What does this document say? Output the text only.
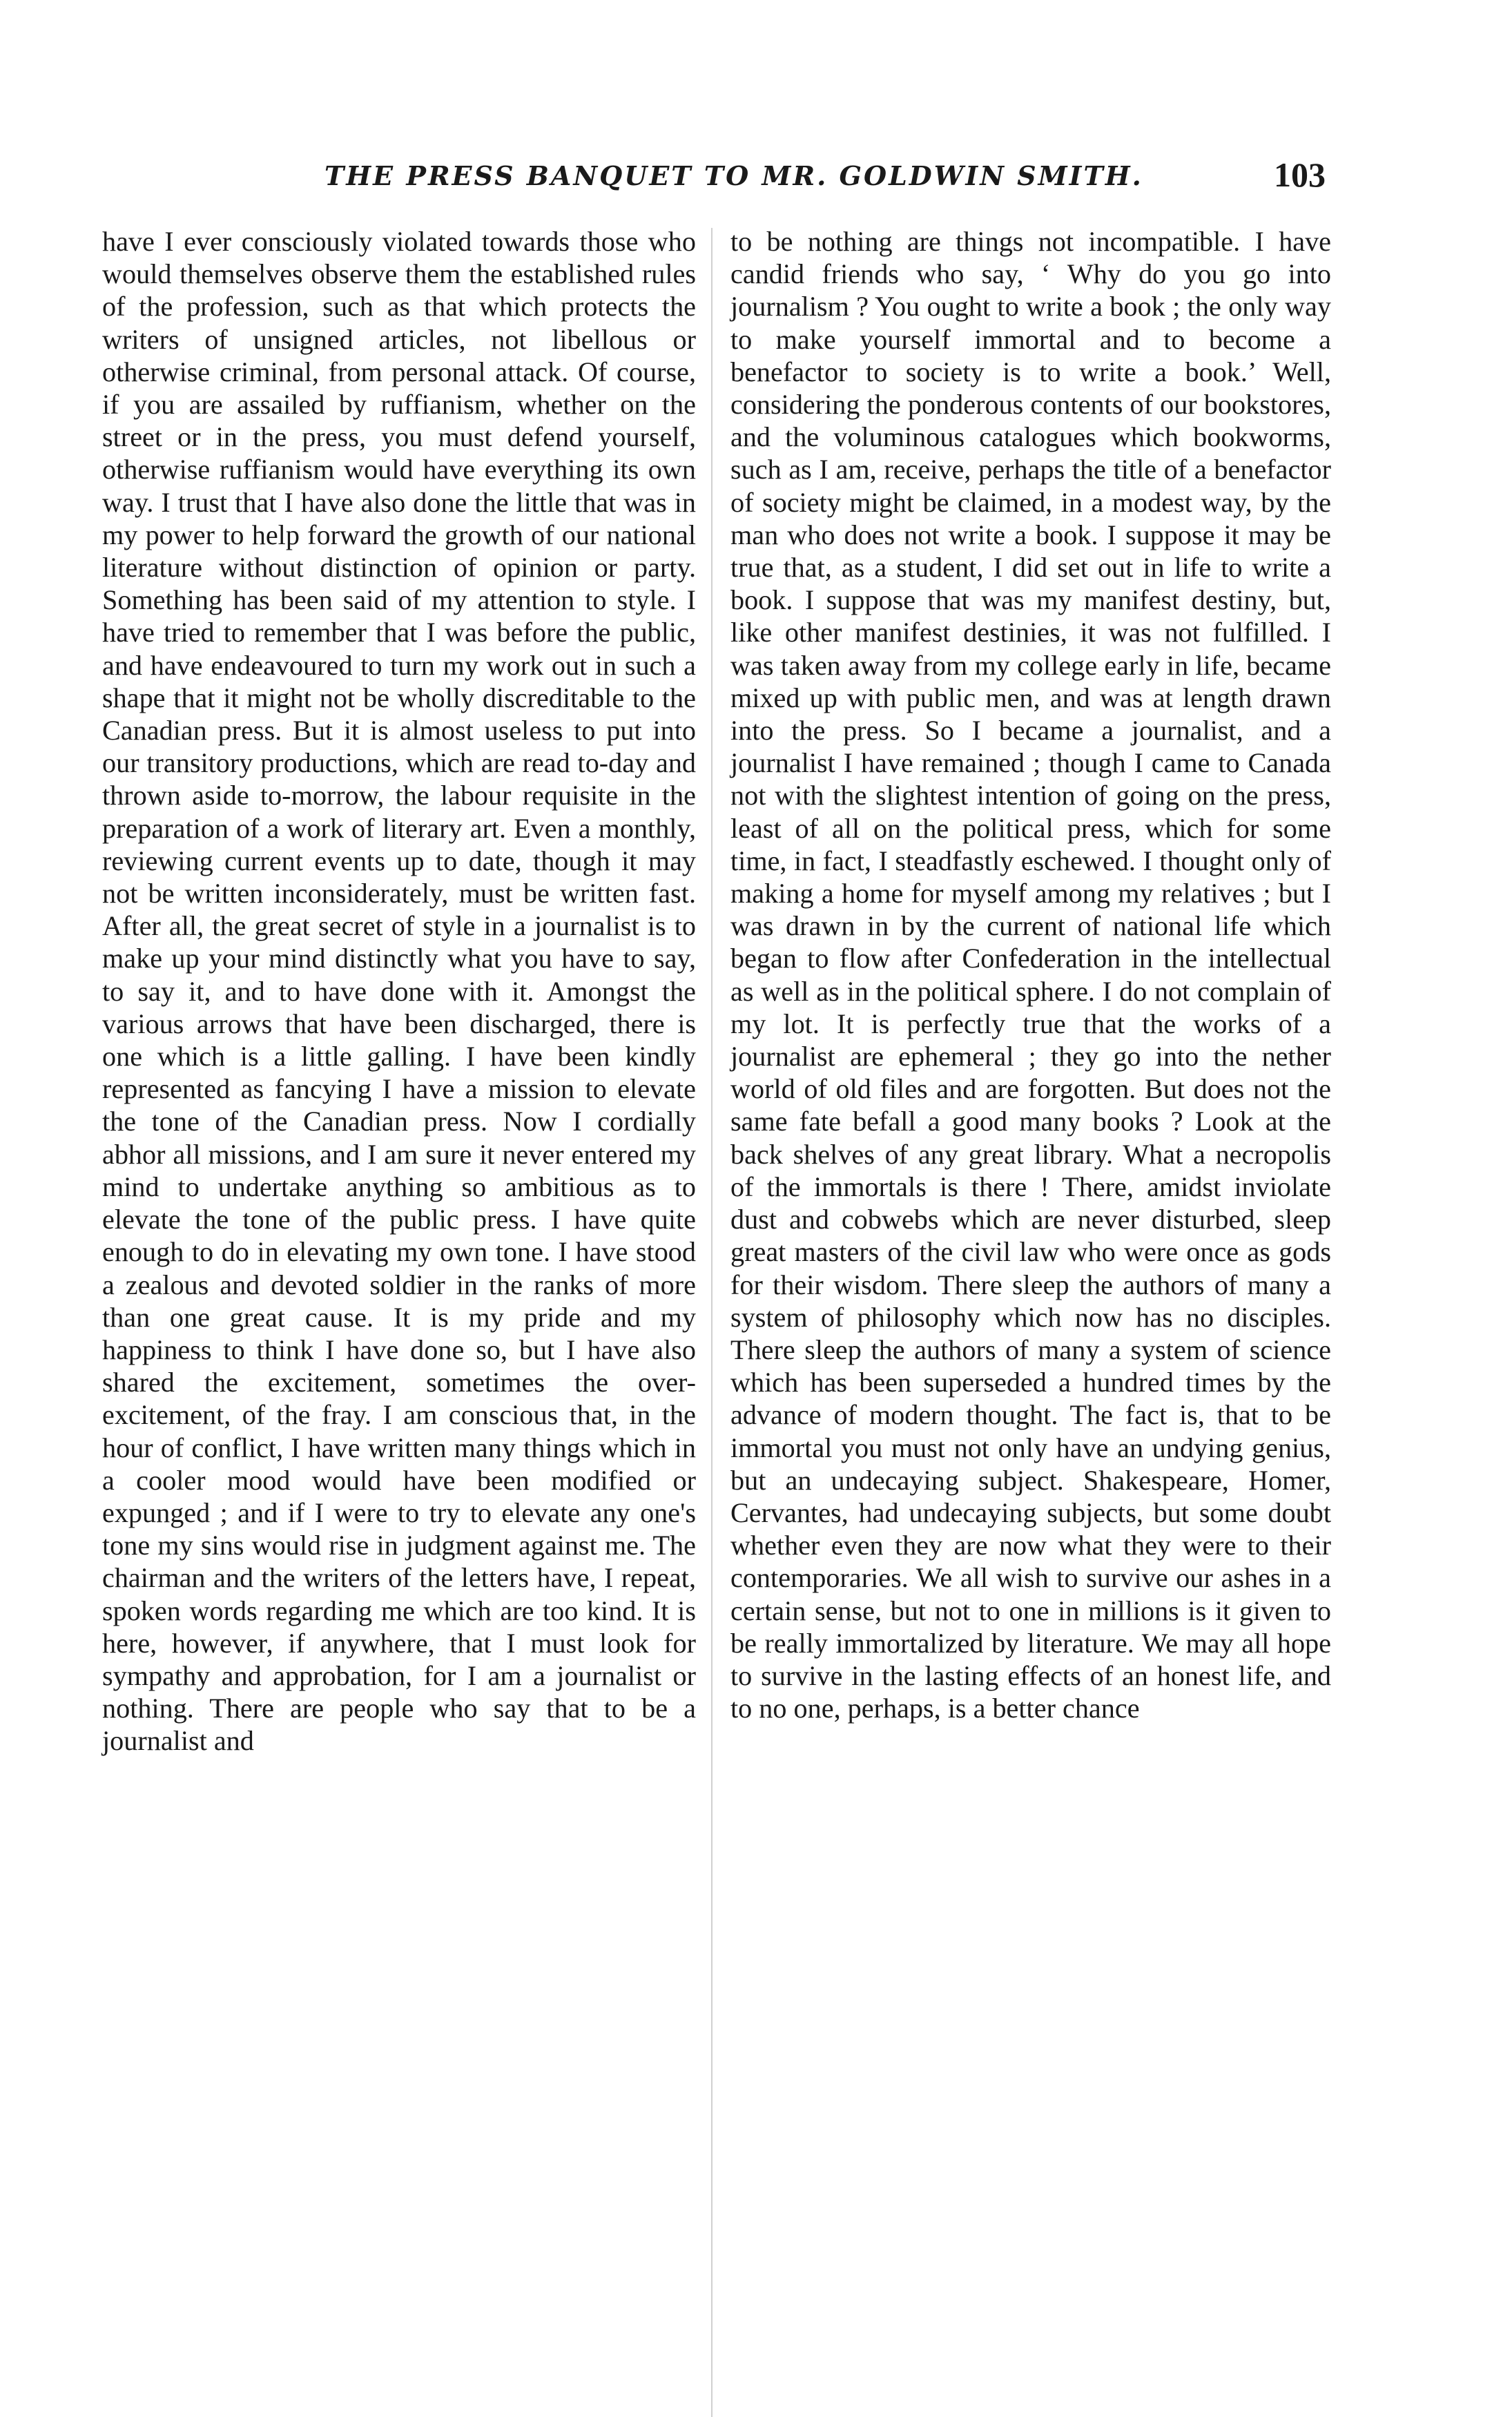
THE PRESS BANQUET TO MR. GOLDWIN SMITH.	103

have I ever consciously violated towards those who would themselves observe them the established rules of the profession, such as that which protects the writers of unsigned articles, not libellous or otherwise criminal, from personal attack. Of course, if you are assailed by ruffianism, whether on the street or in the press, you must defend yourself, otherwise ruffianism would have everything its own way. I trust that I have also done the little that was in my power to help forward the growth of our national literature without distinction of opinion or party. Something has been said of my attention to style. I have tried to remember that I was before the public, and have endeavoured to turn my work out in such a shape that it might not be wholly discreditable to the Canadian press. But it is almost useless to put into our transitory productions, which are read to-day and thrown aside to-morrow, the labour requisite in the preparation of a work of literary art. Even a monthly, reviewing current events up to date, though it may not be written inconsiderately, must be written fast. After all, the great secret of style in a journalist is to make up your mind distinctly what you have to say, to say it, and to have done with it. Amongst the various arrows that have been discharged, there is one which is a little galling. I have been kindly represented as fancying I have a mission to elevate the tone of the Canadian press. Now I cordially abhor all missions, and I am sure it never entered my mind to undertake anything so ambitious as to elevate the tone of the public press. I have quite enough to do in elevating my own tone. I have stood a zealous and devoted soldier in the ranks of more than one great cause. It is my pride and my happiness to think I have done so, but I have also shared the excitement, sometimes the over-excitement, of the fray. I am conscious that, in the hour of conflict, I have written many things which in a cooler mood would have been modified or expunged ; and if I were to try to elevate any one's tone my sins would rise in judgment against me. The chairman and the writers of the letters have, I repeat, spoken words regarding me which are too kind. It is here, however, if anywhere, that I must look for sympathy and approbation, for I am a journalist or nothing. There are people who say that to be a journalist and

to be nothing are things not incompatible. I have candid friends who say, ‘ Why do you go into journalism ? You ought to write a book ; the only way to make yourself immortal and to become a benefactor to society is to write a book.’ Well, considering the ponderous contents of our bookstores, and the voluminous catalogues which bookworms, such as I am, receive, perhaps the title of a benefactor of society might be claimed, in a modest way, by the man who does not write a book. I suppose it may be true that, as a student, I did set out in life to write a book. I suppose that was my manifest destiny, but, like other manifest destinies, it was not fulfilled. I was taken away from my college early in life, became mixed up with public men, and was at length drawn into the press. So I became a journalist, and a journalist I have remained ; though I came to Canada not with the slightest intention of going on the press, least of all on the political press, which for some time, in fact, I steadfastly eschewed. I thought only of making a home for myself among my relatives ; but I was drawn in by the current of national life which began to flow after Confederation in the intellectual as well as in the political sphere. I do not complain of my lot. It is perfectly true that the works of a journalist are ephemeral ; they go into the nether world of old files and are forgotten. But does not the same fate befall a good many books ? Look at the back shelves of any great library. What a necropolis of the immortals is there ! There, amidst inviolate dust and cobwebs which are never disturbed, sleep great masters of the civil law who were once as gods for their wisdom. There sleep the authors of many a system of philosophy which now has no disciples. There sleep the authors of many a system of science which has been superseded a hundred times by the advance of modern thought. The fact is, that to be immortal you must not only have an undying genius, but an undecaying subject. Shakespeare, Homer, Cervantes, had undecaying subjects, but some doubt whether even they are now what they were to their contemporaries. We all wish to survive our ashes in a certain sense, but not to one in millions is it given to be really immortalized by literature. We may all hope to survive in the lasting effects of an honest life, and to no one, perhaps, is a better chance
